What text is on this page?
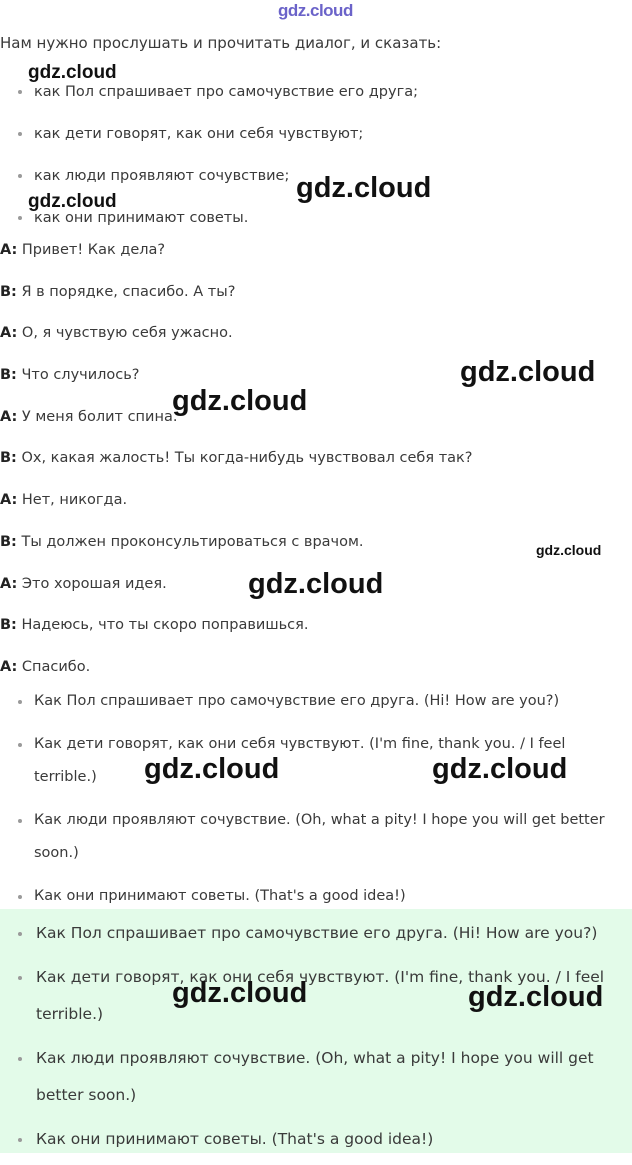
gdz.cloud
Нам нужно прослушать и прочитать диалог, и сказать:
как Пол спрашивает про самочувствие его друга;
как дети говорят, как они себя чувствуют;
как люди проявляют сочувствие;
как они принимают советы.
A: Привет! Как дела?
B: Я в порядке, спасибо. А ты?
A: О, я чувствую себя ужасно.
B: Что случилось?
A: У меня болит спина.
B: Ох, какая жалость! Ты когда-нибудь чувствовал себя так?
A: Нет, никогда.
B: Ты должен проконсультироваться с врачом.
A: Это хорошая идея.
B: Надеюсь, что ты скоро поправишься.
A: Спасибо.
Как Пол спрашивает про самочувствие его друга. (Hi! How are you?)
Как дети говорят, как они себя чувствуют. (I'm fine, thank you. / I feel terrible.)
Как люди проявляют сочувствие. (Oh, what a pity! I hope you will get better soon.)
Как они принимают советы. (That's a good idea!)
Как Пол спрашивает про самочувствие его друга. (Hi! How are you?)
Как дети говорят, как они себя чувствуют. (I'm fine, thank you. / I feel terrible.)
Как люди проявляют сочувствие. (Oh, what a pity! I hope you will get better soon.)
Как они принимают советы. (That's a good idea!)
gdz.cloud
gdz.cloud	gdz.cloud
gdz.cloud
gdz.cloud
gdz.cloud
gdz.cloud
gdz.cloud	gdz.cloud
gdz.cloud	gdz.cloud
